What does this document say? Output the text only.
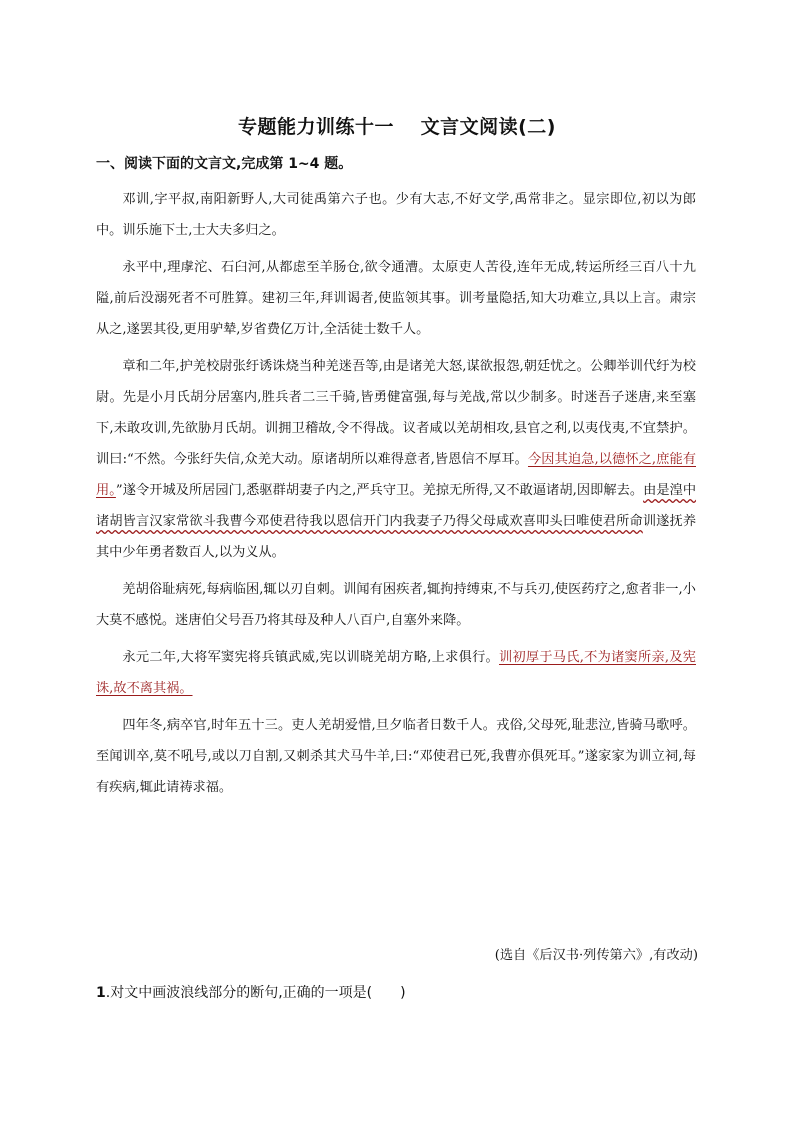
专题能力训练十一　 文言文阅读(二)
一、阅读下面的文言文,完成第 1~4 题。

邓训,字平叔,南阳新野人,大司徒禹第六子也。少有大志,不好文学,禹常非之。显宗即位,初以为郎中。训乐施下士,士大夫多归之。

永平中,理虖沱、石臼河,从都虑至羊肠仓,欲令通漕。太原吏人苦役,连年无成,转运所经三百八十九隘,前后没溺死者不可胜算。建初三年,拜训谒者,使监领其事。训考量隐括,知大功难立,具以上言。肃宗从之,遂罢其役,更用驴辇,岁省费亿万计,全活徒士数千人。

章和二年,护羌校尉张纡诱诛烧当种羌迷吾等,由是诸羌大怒,谋欲报怨,朝廷忧之。公卿举训代纡为校尉。先是小月氏胡分居塞内,胜兵者二三千骑,皆勇健富强,每与羌战,常以少制多。时迷吾子迷唐,来至塞下,未敢攻训,先欲胁月氏胡。训拥卫稽故,令不得战。议者咸以羌胡相攻,县官之利,以夷伐夷,不宜禁护。训曰:“不然。今张纡失信,众羌大动。原诸胡所以难得意者,皆恩信不厚耳。今因其迫急,以德怀之,庶能有用。”遂令开城及所居园门,悉驱群胡妻子内之,严兵守卫。羌掠无所得,又不敢逼诸胡,因即解去。由是湟中诸胡皆言汉家常欲斗我曹今邓使君待我以恩信开门内我妻子乃得父母咸欢喜叩头曰唯使君所命训遂抚养其中少年勇者数百人,以为义从。

羌胡俗耻病死,每病临困,辄以刃自刺。训闻有困疾者,辄拘持缚束,不与兵刃,使医药疗之,愈者非一,小大莫不感悦。迷唐伯父号吾乃将其母及种人八百户,自塞外来降。

永元二年,大将军窦宪将兵镇武威,宪以训晓羌胡方略,上求俱行。训初厚于马氏,不为诸窦所亲,及宪诛,故不离其祸。

四年冬,病卒官,时年五十三。吏人羌胡爱惜,旦夕临者日数千人。戎俗,父母死,耻悲泣,皆骑马歌呼。至闻训卒,莫不吼号,或以刀自割,又刺杀其犬马牛羊,曰:“邓使君已死,我曹亦俱死耳。”遂家家为训立祠,每有疾病,辄此请祷求福。

(选自《后汉书·列传第六》,有改动)
1.对文中画波浪线部分的断句,正确的一项是(　　)
